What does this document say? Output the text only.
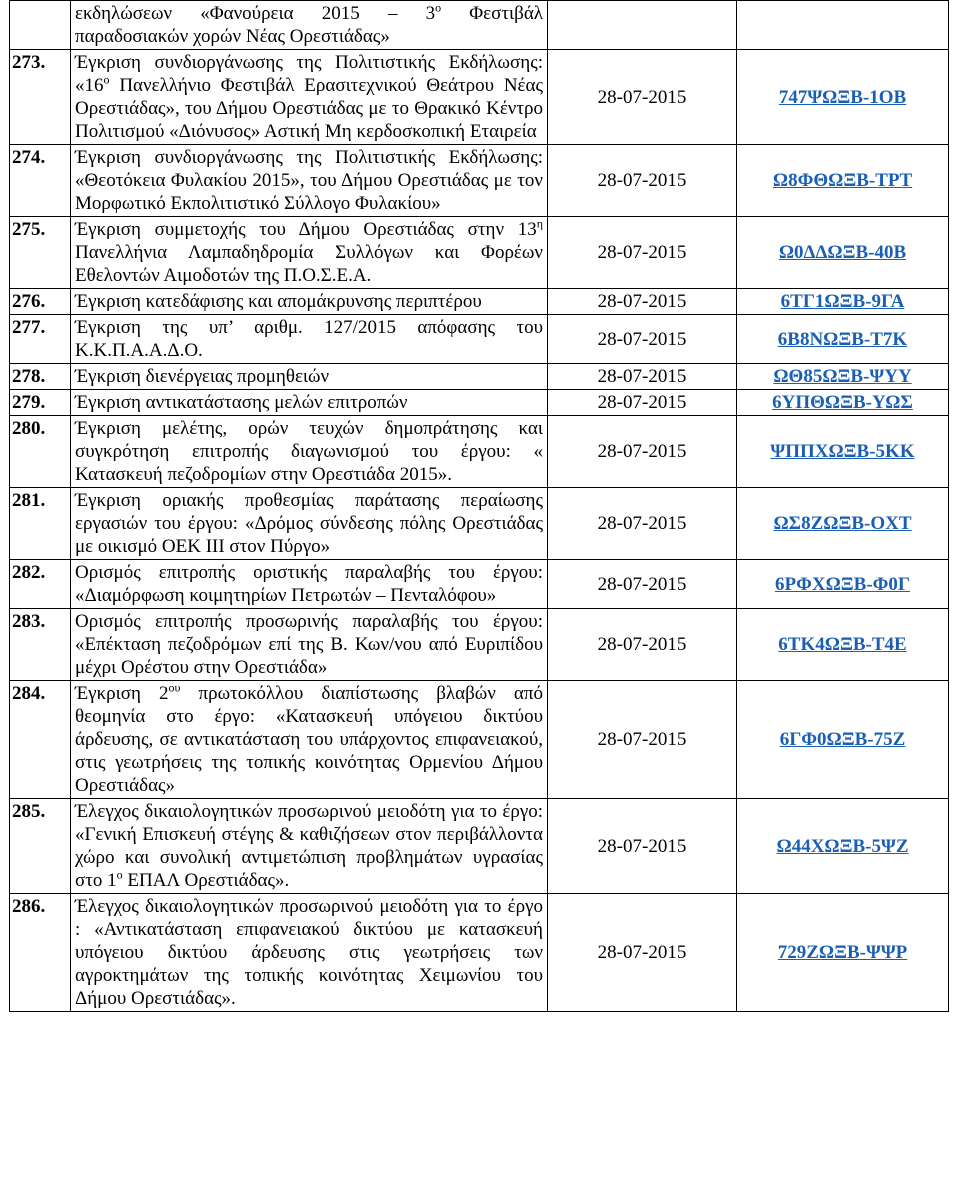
	εκδηλώσεων «Φανούρεια $2015 - 3^o$ Φεστιβάλ παραδοσιακών χορών Νέας Ορεστιάδας»		
273.	Έγκριση συνδιοργάνωσης της Πολιτιστικής Εκδήλωσης: «$16^o$ Πανελλήνιο Φεστιβάλ Ερασιτεχνικού Θεάτρου Νέας Ορεστιάδας», του Δήμου Ορεστιάδας με το Θρακικό Κέντρο Πολιτισμού «Διόνυσος» Αστική Μη κερδοσκοπική Εταιρεία	28-07-2015	747ΨΩΞΒ-1ΟΒ
274.	Έγκριση συνδιοργάνωσης της Πολιτιστικής Εκδήλωσης: «Θεοτόκεια Φυλακίου 2015», του Δήμου Ορεστιάδας με τον Μορφωτικό Εκπολιτιστικό Σύλλογο Φυλακίου»	28-07-2015	Ω8ΦΘΩΞΒ-ΤΡΤ
275.	Έγκριση συμμετοχής του Δήμου Ορεστιάδας στην $13^\eta$ Πανελλήνια Λαμπαδηδρομία Συλλόγων και Φορέων Εθελοντών Αιμοδοτών της Π.Ο.Σ.Ε.Α.	28-07-2015	Ω0ΔΔΩΞΒ-40Β
276.	Έγκριση κατεδάφισης και απομάκρυνσης περιπτέρου	28-07-2015	6ΤΓ1ΩΞΒ-9ΓΑ
277.	Έγκριση της υπ’ αριθμ. 127/2015 απόφασης του Κ.Κ.Π.Α.Α.Δ.Ο.	28-07-2015	6Β8ΝΩΞΒ-Τ7Κ
278.	Έγκριση διενέργειας προμηθειών	28-07-2015	ΩΘ85ΩΞΒ-ΨΥΥ
279.	Έγκριση αντικατάστασης μελών επιτροπών	28-07-2015	6ΥΠΘΩΞΒ-ΥΩΣ
280.	Έγκριση μελέτης, ορών τευχών δημοπράτησης και συγκρότηση επιτροπής διαγωνισμού του έργου: « Κατασκευή πεζοδρομίων στην Ορεστιάδα 2015».	28-07-2015	ΨΠΠΧΩΞΒ-5ΚΚ
281.	Έγκριση οριακής προθεσμίας παράτασης περαίωσης εργασιών του έργου: «Δρόμος σύνδεσης πόλης Ορεστιάδας με οικισμό ΟΕΚ ΙΙΙ στον Πύργο»	28-07-2015	ΩΣ8ΖΩΞΒ-ΟΧΤ
282.	Ορισμός επιτροπής οριστικής παραλαβής του έργου: «Διαμόρφωση κοιμητηρίων Πετρωτών – Πενταλόφου»	28-07-2015	6ΡΦΧΩΞΒ-Φ0Γ
283.	Ορισμός επιτροπής προσωρινής παραλαβής του έργου: «Επέκταση πεζοδρόμων επί της Β. Κων/νου από Ευριπίδου μέχρι Ορέστου στην Ορεστιάδα»	28-07-2015	6ΤΚ4ΩΞΒ-Τ4Ε
284.	Έγκριση $2^{o\upsilon}$ πρωτοκόλλου διαπίστωσης βλαβών από θεομηνία στο έργο: «Κατασκευή υπόγειου δικτύου άρδευσης, σε αντικατάσταση του υπάρχοντος επιφανειακού, στις γεωτρήσεις της τοπικής κοινότητας Ορμενίου Δήμου Ορεστιάδας»	28-07-2015	6ΓΦ0ΩΞΒ-75Ζ
285.	Έλεγχος δικαιολογητικών προσωρινού μειοδότη για το έργο: «Γενική Επισκευή στέγης & καθιζήσεων στον περιβάλλοντα χώρο και συνολική αντιμετώπιση προβλημάτων υγρασίας στο $1^o$ ΕΠΑΛ Ορεστιάδας».	28-07-2015	Ω44ΧΩΞΒ-5ΨΖ
286.	Έλεγχος δικαιολογητικών προσωρινού μειοδότη για το έργο : «Αντικατάσταση επιφανειακού δικτύου με κατασκευή υπόγειου δικτύου άρδευσης στις γεωτρήσεις των αγροκτημάτων της τοπικής κοινότητας Χειμωνίου του Δήμου Ορεστιάδας».	28-07-2015	729ΖΩΞΒ-ΨΨΡ
